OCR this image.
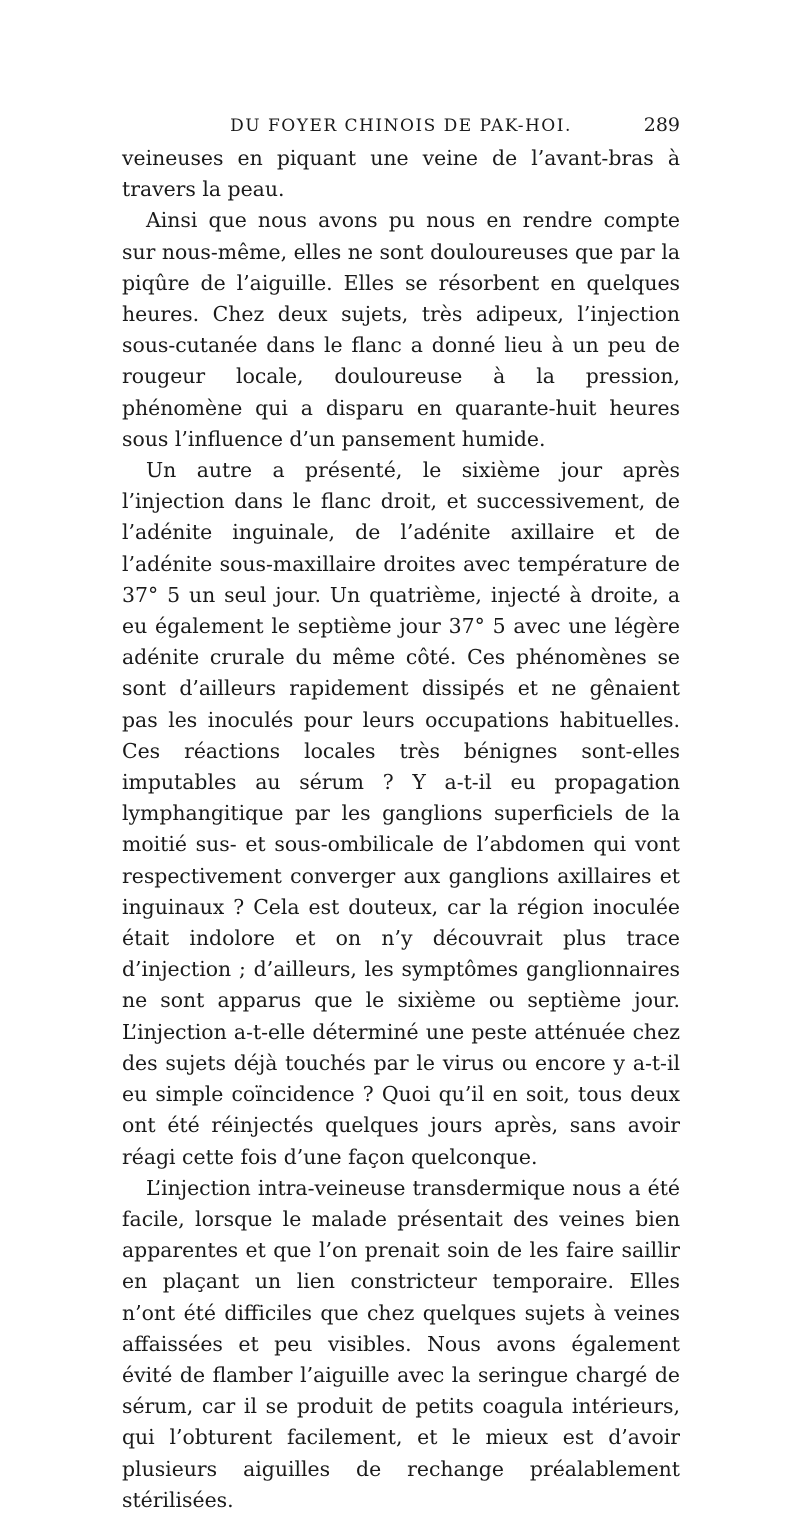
DU FOYER CHINOIS DE PAK-HOI.	289

veineuses en piquant une veine de l’avant-bras à travers la peau.

Ainsi que nous avons pu nous en rendre compte sur nous-même, elles ne sont douloureuses que par la piqûre de l’aiguille. Elles se résorbent en quelques heures. Chez deux sujets, très adipeux, l’injection sous-cutanée dans le flanc a donné lieu à un peu de rougeur locale, douloureuse à la pression, phénomène qui a disparu en quarante-huit heures sous l’influence d’un pansement humide.

Un autre a présenté, le sixième jour après l’injection dans le flanc droit, et successivement, de l’adénite inguinale, de l’adénite axillaire et de l’adénite sous-maxillaire droites avec température de 37° 5 un seul jour. Un quatrième, injecté à droite, a eu également le septième jour 37° 5 avec une légère adénite crurale du même côté. Ces phénomènes se sont d’ailleurs rapidement dissipés et ne gênaient pas les inoculés pour leurs occupations habituelles. Ces réactions locales très bénignes sont-elles imputables au sérum ? Y a-t-il eu propagation lymphangitique par les ganglions superficiels de la moitié sus- et sous-ombilicale de l’abdomen qui vont respectivement converger aux ganglions axillaires et inguinaux ? Cela est douteux, car la région inoculée était indolore et on n’y découvrait plus trace d’injection ; d’ailleurs, les symptômes ganglionnaires ne sont apparus que le sixième ou septième jour. L’injection a-t-elle déterminé une peste atténuée chez des sujets déjà touchés par le virus ou encore y a-t-il eu simple coïncidence ? Quoi qu’il en soit, tous deux ont été réinjectés quelques jours après, sans avoir réagi cette fois d’une façon quelconque.

L’injection intra-veineuse transdermique nous a été facile, lorsque le malade présentait des veines bien apparentes et que l’on prenait soin de les faire saillir en plaçant un lien constricteur temporaire. Elles n’ont été difficiles que chez quelques sujets à veines affaissées et peu visibles. Nous avons également évité de flamber l’aiguille avec la seringue chargé de sérum, car il se produit de petits coagula intérieurs, qui l’obturent facilement, et le mieux est d’avoir plusieurs aiguilles de rechange préalablement stérilisées.
